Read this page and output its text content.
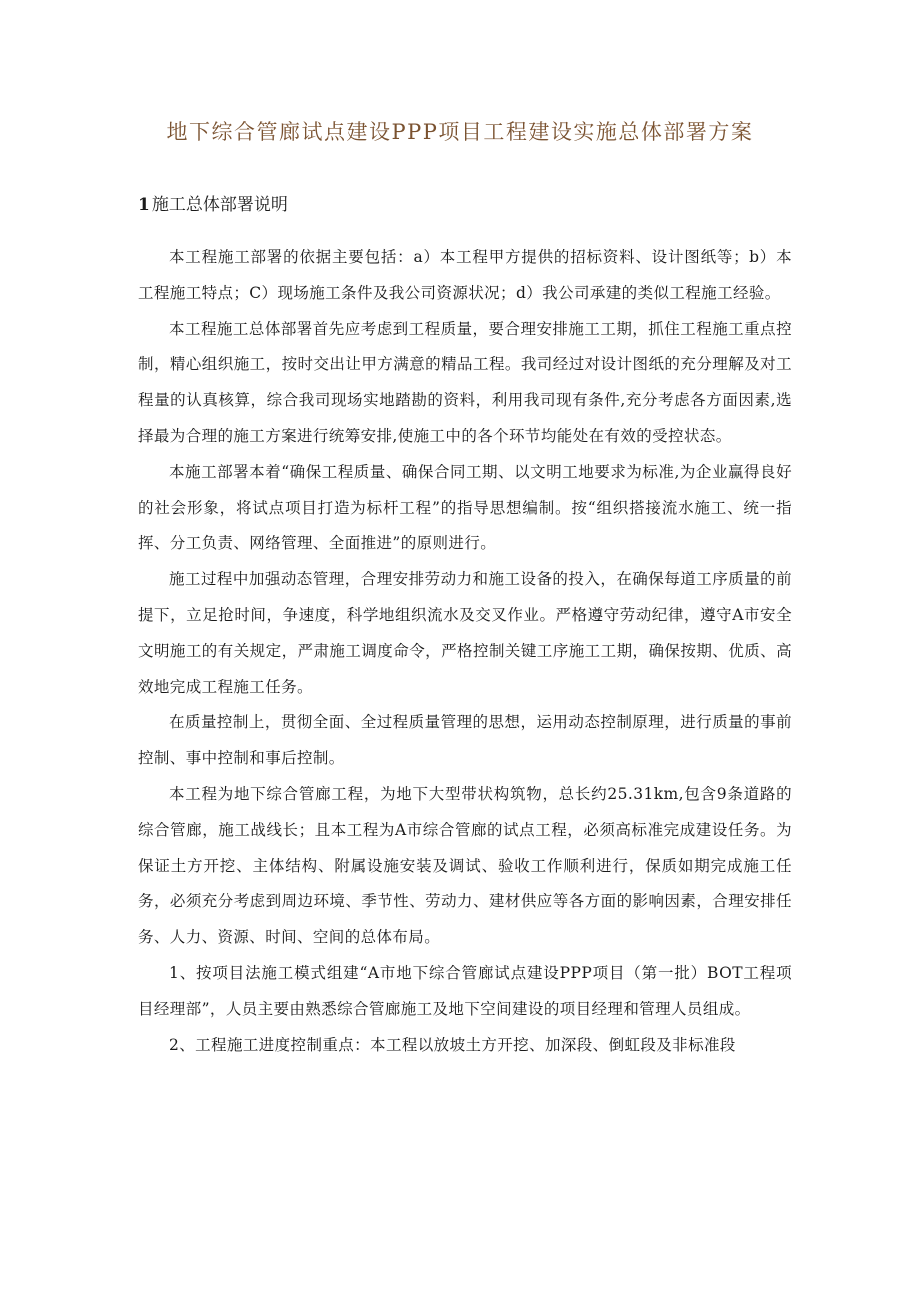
地下综合管廊试点建设PPP项目工程建设实施总体部署方案
1 施工总体部署说明

本工程施工部署的依据主要包括：a）本工程甲方提供的招标资料、设计图纸等；b）本工程施工特点；C）现场施工条件及我公司资源状况；d）我公司承建的类似工程施工经验。

本工程施工总体部署首先应考虑到工程质量，要合理安排施工工期，抓住工程施工重点控制，精心组织施工，按时交出让甲方满意的精品工程。我司经过对设计图纸的充分理解及对工程量的认真核算，综合我司现场实地踏勘的资料，利用我司现有条件,充分考虑各方面因素,选择最为合理的施工方案进行统筹安排,使施工中的各个环节均能处在有效的受控状态。

本施工部署本着“确保工程质量、确保合同工期、以文明工地要求为标准,为企业赢得良好的社会形象，将试点项目打造为标杆工程”的指导思想编制。按“组织搭接流水施工、统一指挥、分工负责、网络管理、全面推进”的原则进行。

施工过程中加强动态管理，合理安排劳动力和施工设备的投入，在确保每道工序质量的前提下，立足抢时间，争速度，科学地组织流水及交叉作业。严格遵守劳动纪律，遵守A市安全文明施工的有关规定，严肃施工调度命令，严格控制关键工序施工工期，确保按期、优质、高效地完成工程施工任务。

在质量控制上，贯彻全面、全过程质量管理的思想，运用动态控制原理，进行质量的事前控制、事中控制和事后控制。

本工程为地下综合管廊工程，为地下大型带状构筑物，总长约25.31km,包含9条道路的综合管廊，施工战线长；且本工程为A市综合管廊的试点工程，必须高标准完成建设任务。为保证土方开挖、主体结构、附属设施安装及调试、验收工作顺利进行，保质如期完成施工任务，必须充分考虑到周边环境、季节性、劳动力、建材供应等各方面的影响因素，合理安排任务、人力、资源、时间、空间的总体布局。

1、按项目法施工模式组建“A市地下综合管廊试点建设PPP项目（第一批）BOT工程项目经理部”，人员主要由熟悉综合管廊施工及地下空间建设的项目经理和管理人员组成。

2、工程施工进度控制重点：本工程以放坡土方开挖、加深段、倒虹段及非标准段
